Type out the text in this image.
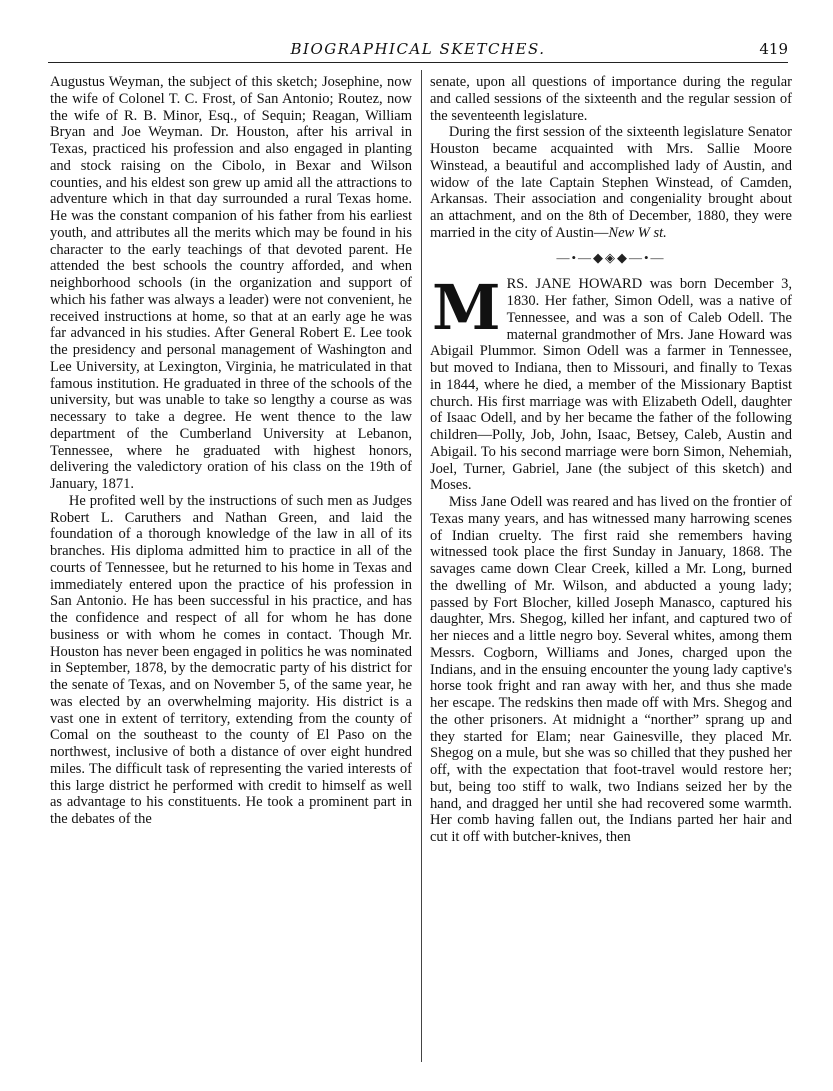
BIOGRAPHICAL SKETCHES.	419

Augustus Weyman, the subject of this sketch; Josephine, now the wife of Colonel T. C. Frost, of San Antonio; Routez, now the wife of R. B. Minor, Esq., of Sequin; Reagan, William Bryan and Joe Weyman. Dr. Houston, after his arrival in Texas, practiced his profession and also engaged in planting and stock raising on the Cibolo, in Bexar and Wilson counties, and his eldest son grew up amid all the attractions to adventure which in that day surrounded a rural Texas home. He was the constant companion of his father from his earliest youth, and attributes all the merits which may be found in his character to the early teachings of that devoted parent. He attended the best schools the country afforded, and when neighborhood schools (in the organization and support of which his father was always a leader) were not convenient, he received instructions at home, so that at an early age he was far advanced in his studies. After General Robert E. Lee took the presidency and personal management of Washington and Lee University, at Lexington, Virginia, he matriculated in that famous institution. He graduated in three of the schools of the university, but was unable to take so lengthy a course as was necessary to take a degree. He went thence to the law department of the Cumberland University at Lebanon, Tennessee, where he graduated with highest honors, delivering the valedictory oration of his class on the 19th of January, 1871.

He profited well by the instructions of such men as Judges Robert L. Caruthers and Nathan Green, and laid the foundation of a thorough knowledge of the law in all of its branches. His diploma admitted him to practice in all of the courts of Tennessee, but he returned to his home in Texas and immediately entered upon the practice of his profession in San Antonio. He has been successful in his practice, and has the confidence and respect of all for whom he has done business or with whom he comes in contact. Though Mr. Houston has never been engaged in politics he was nominated in September, 1878, by the democratic party of his district for the senate of Texas, and on November 5, of the same year, he was elected by an overwhelming majority. His district is a vast one in extent of territory, extending from the county of Comal on the southeast to the county of El Paso on the northwest, inclusive of both a distance of over eight hundred miles. The difficult task of representing the varied interests of this large district he performed with credit to himself as well as advantage to his constituents. He took a prominent part in the debates of the

senate, upon all questions of importance during the regular and called sessions of the sixteenth and the regular session of the seventeenth legislature.

During the first session of the sixteenth legislature Senator Houston became acquainted with Mrs. Sallie Moore Winstead, a beautiful and accomplished lady of Austin, and widow of the late Captain Stephen Winstead, of Camden, Arkansas. Their association and congeniality brought about an attachment, and on the 8th of December, 1880, they were married in the city of Austin—New W st.

—•—◆◈◆—•—

MRS. JANE HOWARD was born December 3, 1830. Her father, Simon Odell, was a native of Tennessee, and was a son of Caleb Odell. The maternal grandmother of Mrs. Jane Howard was Abigail Plummor. Simon Odell was a farmer in Tennessee, but moved to Indiana, then to Missouri, and finally to Texas in 1844, where he died, a member of the Missionary Baptist church. His first marriage was with Elizabeth Odell, daughter of Isaac Odell, and by her became the father of the following children—Polly, Job, John, Isaac, Betsey, Caleb, Austin and Abigail. To his second marriage were born Simon, Nehemiah, Joel, Turner, Gabriel, Jane (the subject of this sketch) and Moses.

Miss Jane Odell was reared and has lived on the frontier of Texas many years, and has witnessed many harrowing scenes of Indian cruelty. The first raid she remembers having witnessed took place the first Sunday in January, 1868. The savages came down Clear Creek, killed a Mr. Long, burned the dwelling of Mr. Wilson, and abducted a young lady; passed by Fort Blocher, killed Joseph Manasco, captured his daughter, Mrs. Shegog, killed her infant, and captured two of her nieces and a little negro boy. Several whites, among them Messrs. Cogborn, Williams and Jones, charged upon the Indians, and in the ensuing encounter the young lady captive's horse took fright and ran away with her, and thus she made her escape. The redskins then made off with Mrs. Shegog and the other prisoners. At midnight a “norther” sprang up and they started for Elam; near Gainesville, they placed Mr. Shegog on a mule, but she was so chilled that they pushed her off, with the expectation that foot-travel would restore her; but, being too stiff to walk, two Indians seized her by the hand, and dragged her until she had recovered some warmth. Her comb having fallen out, the Indians parted her hair and cut it off with butcher-knives, then
